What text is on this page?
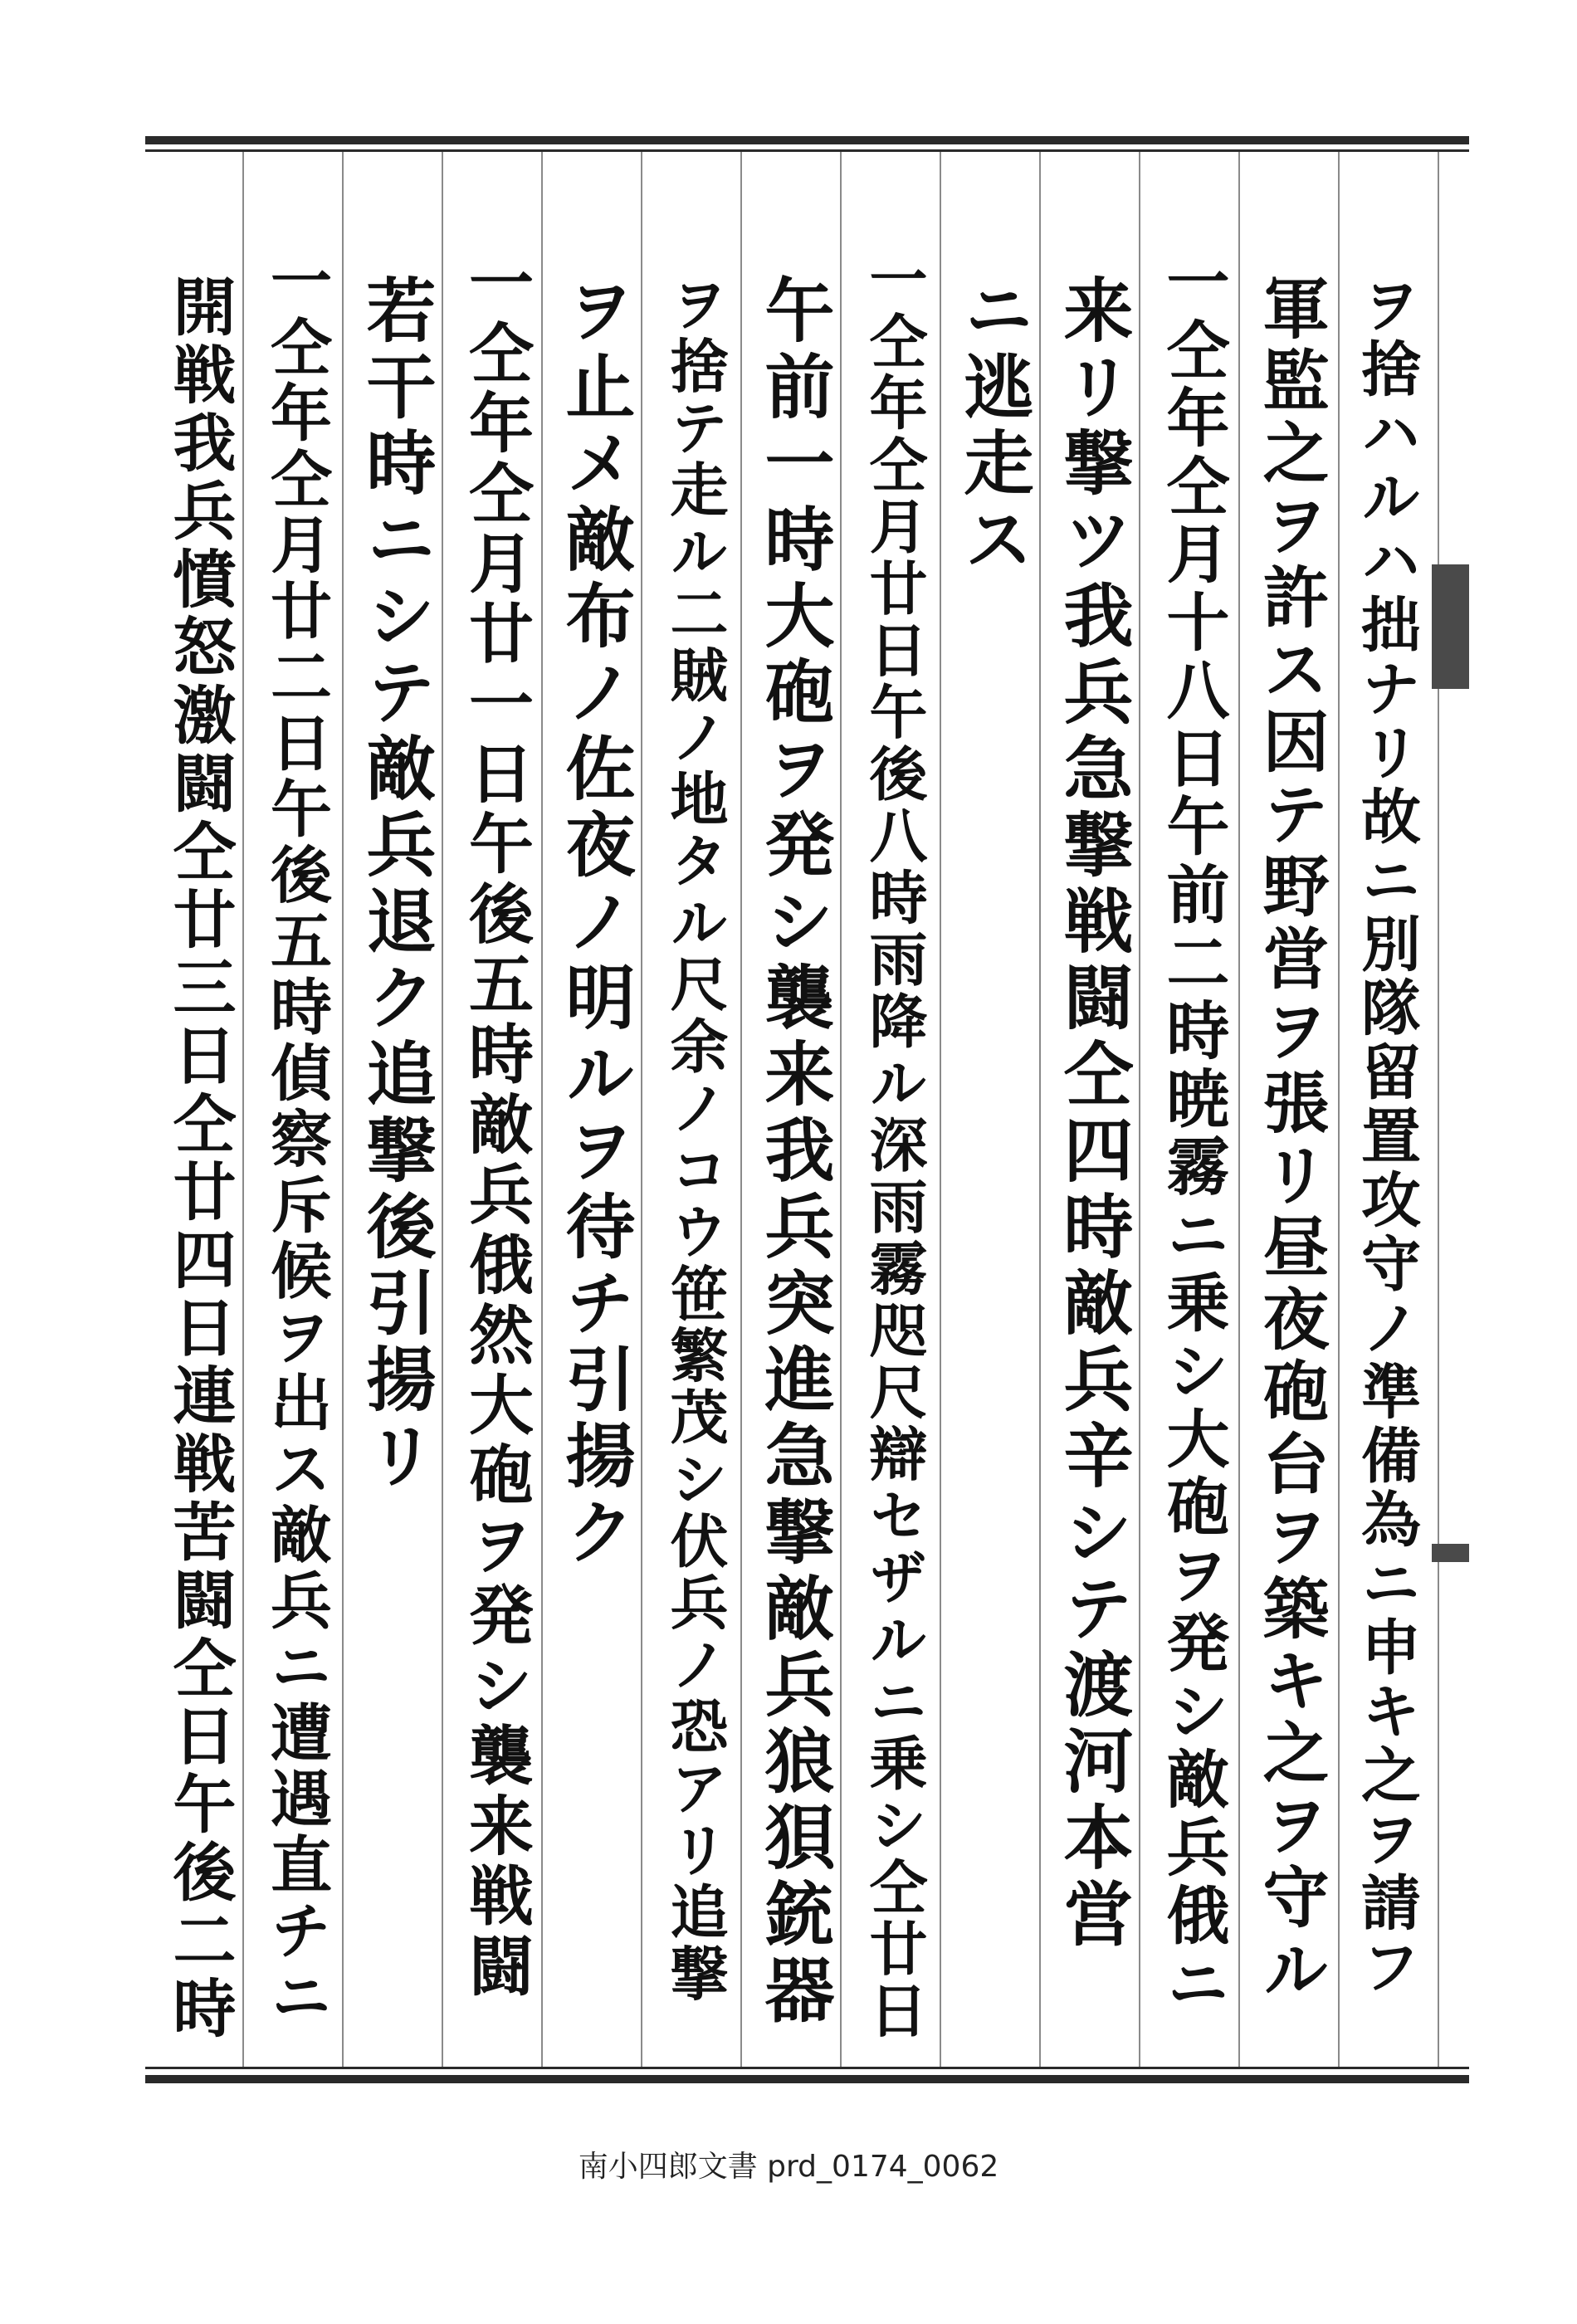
ヲ捨ハルハ拙ナリ故ニ別隊留置攻守ノ準備為ニ申キ之ヲ請フ
軍監之ヲ許ス因テ野営ヲ張リ昼夜砲台ヲ築キ之ヲ守ル
一仝年仝月十八日午前二時暁霧ニ乗シ大砲ヲ発シ敵兵俄ニ
来リ撃ツ我兵急撃戦闘仝四時敵兵辛シテ渡河本営
ニ逃走ス
一仝年仝月廿日午後八時雨降ル深雨霧咫尺辯セザルニ乗シ仝廿日
午前一時大砲ヲ発シ襲来我兵突進急撃敵兵狼狽銃器
ヲ捨テ走ル二賊ノ地タル尺余ノコウ笹繁茂シ伏兵ノ恐アリ追撃
ヲ止メ敵布ノ佐夜ノ明ルヲ待チ引揚ク
一仝年仝月廿一日午後五時敵兵俄然大砲ヲ発シ襲来戦闘
若干時ニシテ敵兵退ク追撃後引揚リ
一仝年仝月廿二日午後五時偵察斥候ヲ出ス敵兵ニ遭遇直チニ
開戦我兵憤怒激闘仝廿三日仝廿四日連戦苦闘仝日午後二時
南小四郎文書 prd_0174_0062
